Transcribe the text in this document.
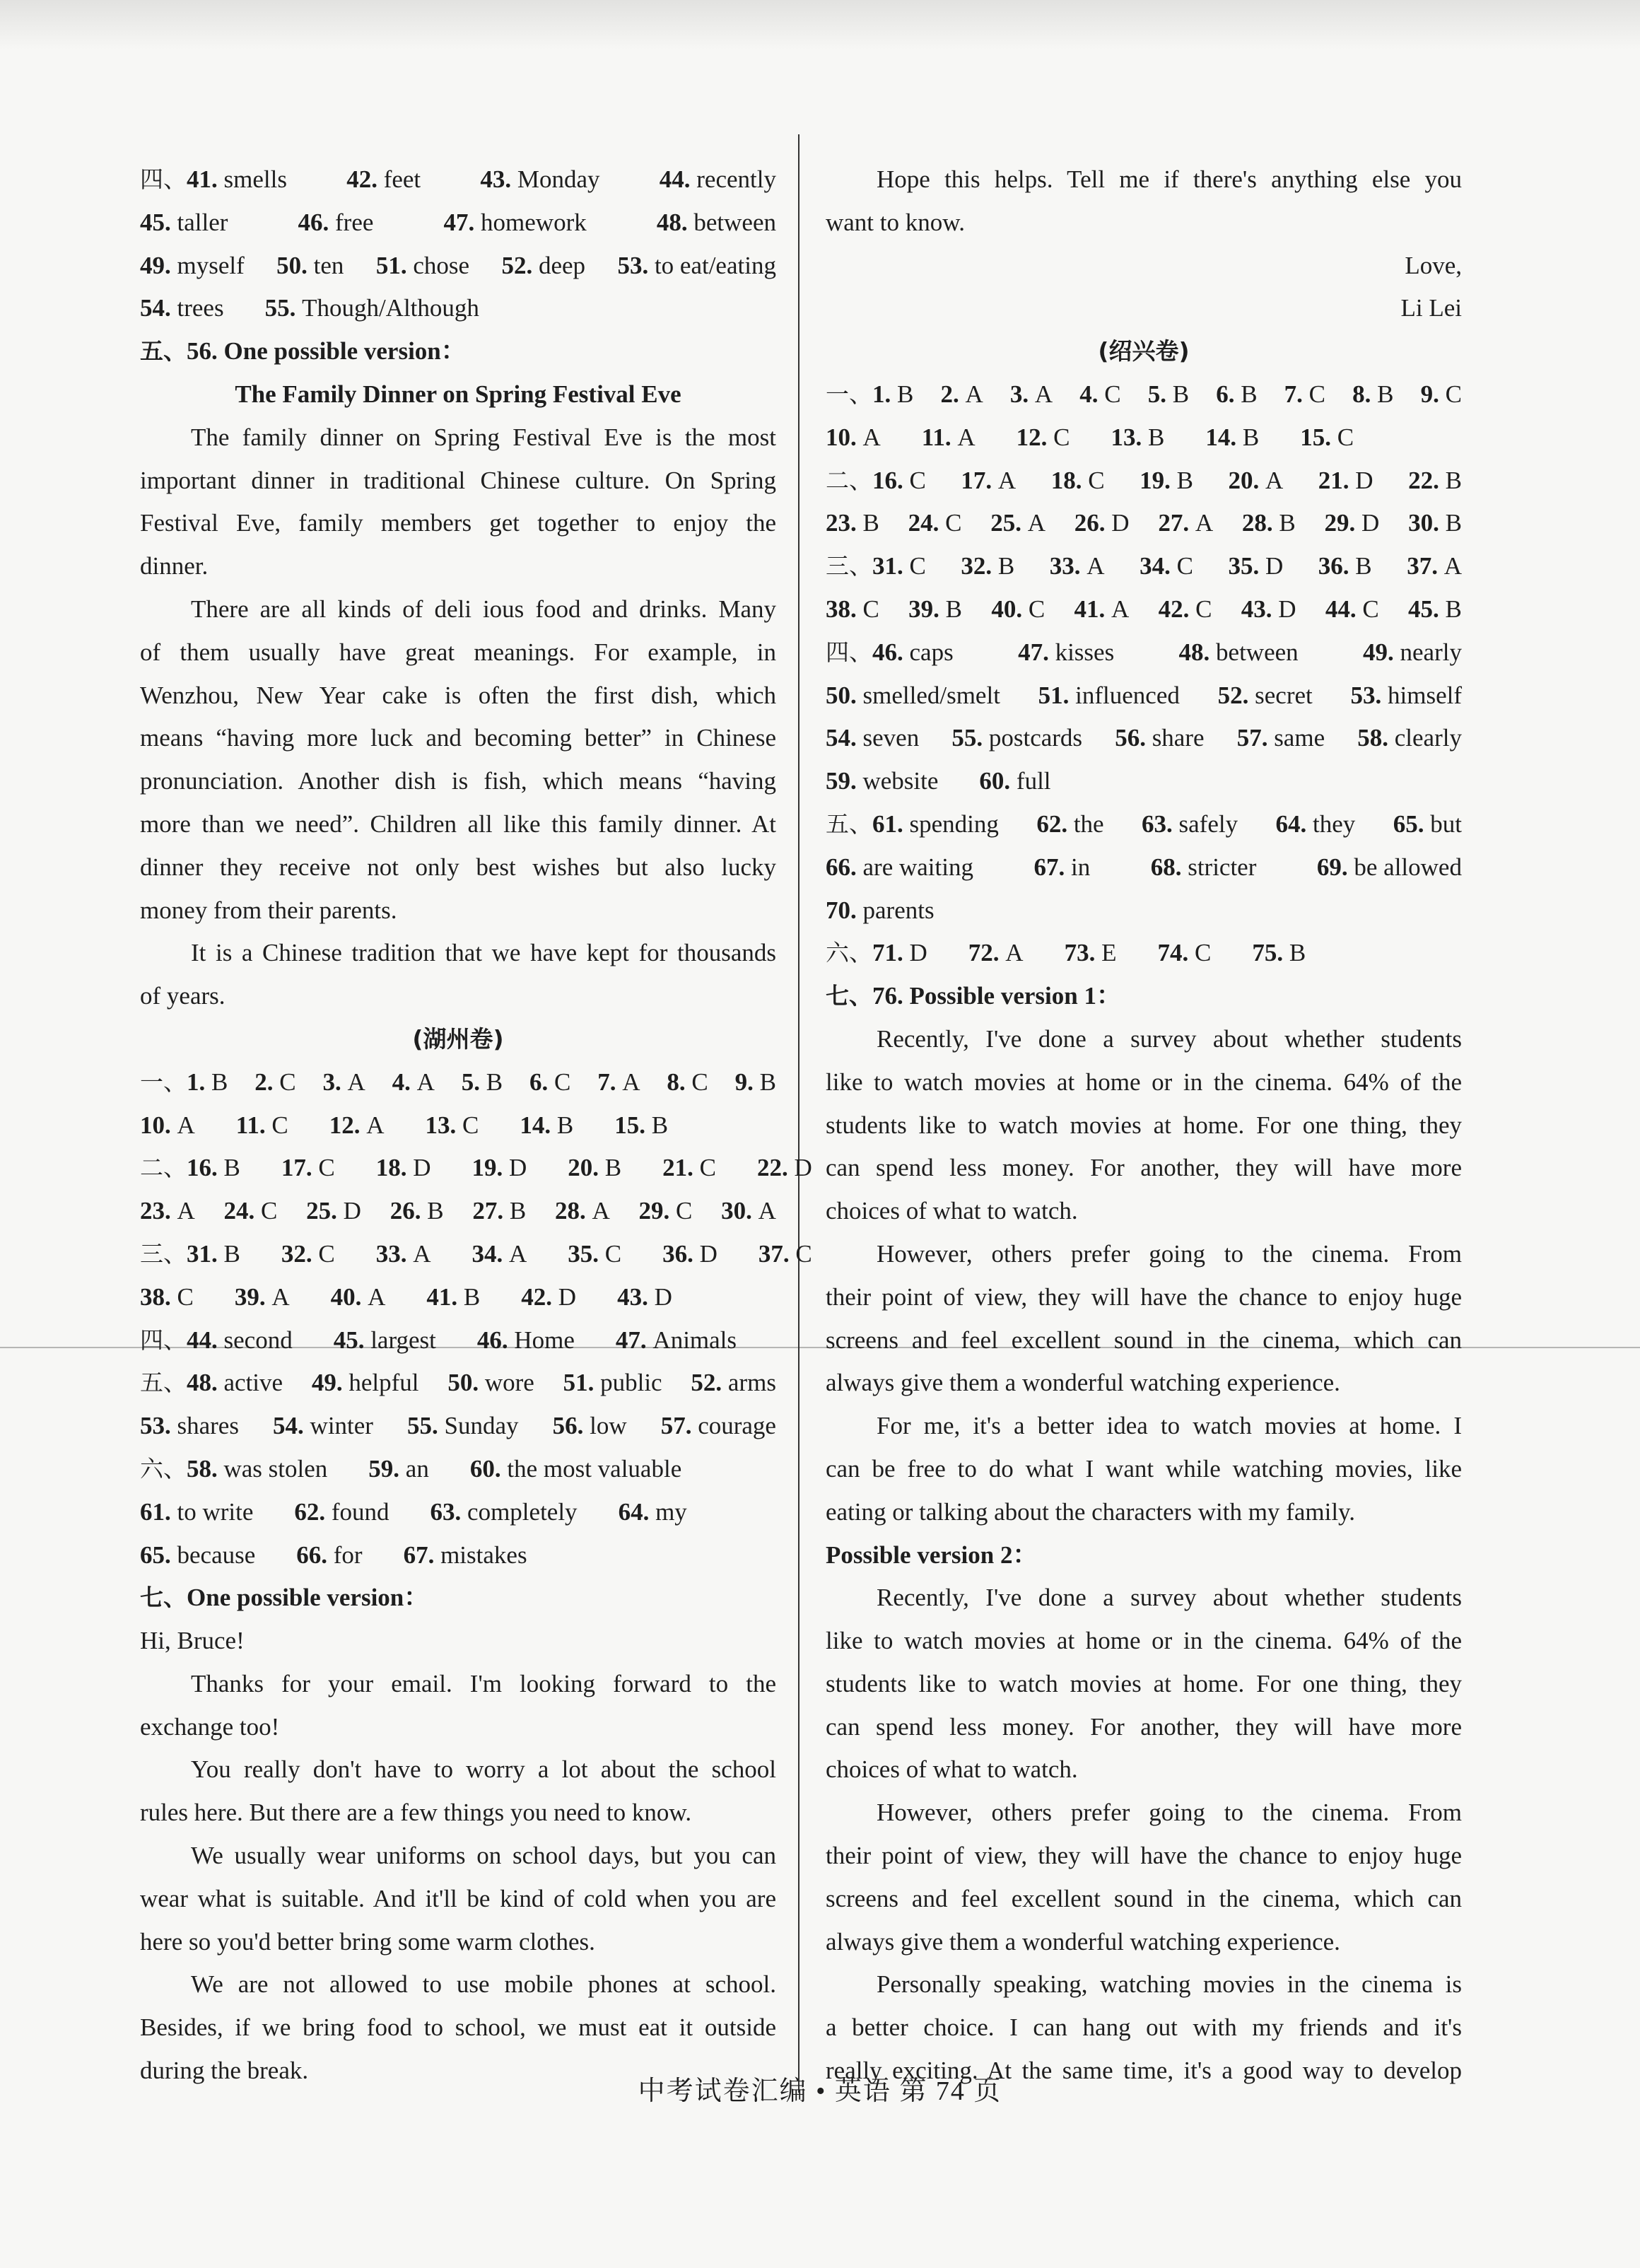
四、41. smells 42. feet 43. Monday 44. recently
45. taller	46. free	47. homework	48. between
49. myself 50. ten 51. chose 52. deep 53. to eat/eating
54. trees 55. Though/Although
五、56. One possible version：
The Family Dinner on Spring Festival Eve
The family dinner on Spring Festival Eve is the most
important dinner in traditional Chinese culture. On Spring
Festival Eve, family members get together to enjoy the
dinner.
There are all kinds of deli ious food and drinks. Many
of them usually have great meanings. For example, in
Wenzhou, New Year cake is often the first dish, which
means “having more luck and becoming better” in Chinese
pronunciation. Another dish is fish, which means “having
more than we need”. Children all like this family dinner. At
dinner they receive not only best wishes but also lucky
money from their parents.
It is a Chinese tradition that we have kept for thousands
of years.
(湖州卷)
一、1. B 2. C 3. A 4. A 5. B 6. C 7. A 8. C 9. B
10. A 11. C 12. A 13. C 14. B 15. B
二、16. B 17. C 18. D 19. D 20. B 21. C 22. D
23. A 24. C 25. D 26. B 27. B 28. A 29. C 30. A
三、31. B 32. C 33. A 34. A 35. C 36. D 37. C
38. C 39. A 40. A 41. B 42. D 43. D
四、44. second 45. largest 46. Home 47. Animals
五、48. active 49. helpful 50. wore 51. public 52. arms
53. shares 54. winter 55. Sunday 56. low 57. courage
六、58. was stolen 59. an 60. the most valuable
61. to write 62. found 63. completely 64. my
65. because 66. for 67. mistakes
七、One possible version：
Hi, Bruce!
Thanks for your email. I'm looking forward to the
exchange too!
You really don't have to worry a lot about the school
rules here. But there are a few things you need to know.
We usually wear uniforms on school days, but you can
wear what is suitable. And it'll be kind of cold when you are
here so you'd better bring some warm clothes.
We are not allowed to use mobile phones at school.
Besides, if we bring food to school, we must eat it outside
during the break.
Hope this helps. Tell me if there's anything else you
want to know.
Love,
Li Lei
(绍兴卷)
一、1. B 2. A 3. A 4. C 5. B 6. B 7. C 8. B 9. C
10. A 11. A 12. C 13. B 14. B 15. C
二、16. C 17. A 18. C 19. B 20. A 21. D 22. B
23. B 24. C 25. A 26. D 27. A 28. B 29. D 30. B
三、31. C 32. B 33. A 34. C 35. D 36. B 37. A
38. C 39. B 40. C 41. A 42. C 43. D 44. C 45. B
四、46. caps	47. kisses	48. between	49. nearly
50. smelled/smelt 51. influenced 52. secret 53. himself
54. seven 55. postcards 56. share 57. same 58. clearly
59. website 60. full
五、61. spending 62. the 63. safely 64. they 65. but
66. are waiting 67. in 68. stricter 69. be allowed
70. parents
六、71. D 72. A 73. E 74. C 75. B
七、76. Possible version 1：
Recently, I've done a survey about whether students
like to watch movies at home or in the cinema. 64% of the
students like to watch movies at home. For one thing, they
can spend less money. For another, they will have more
choices of what to watch.
However, others prefer going to the cinema. From
their point of view, they will have the chance to enjoy huge
screens and feel excellent sound in the cinema, which can
always give them a wonderful watching experience.
For me, it's a better idea to watch movies at home. I
can be free to do what I want while watching movies, like
eating or talking about the characters with my family.
Possible version 2：
Recently, I've done a survey about whether students
like to watch movies at home or in the cinema. 64% of the
students like to watch movies at home. For one thing, they
can spend less money. For another, they will have more
choices of what to watch.
However, others prefer going to the cinema. From
their point of view, they will have the chance to enjoy huge
screens and feel excellent sound in the cinema, which can
always give them a wonderful watching experience.
Personally speaking, watching movies in the cinema is
a better choice. I can hang out with my friends and it's
really exciting. At the same time, it's a good way to develop
中考试卷汇编 • 英语 第 74 页
